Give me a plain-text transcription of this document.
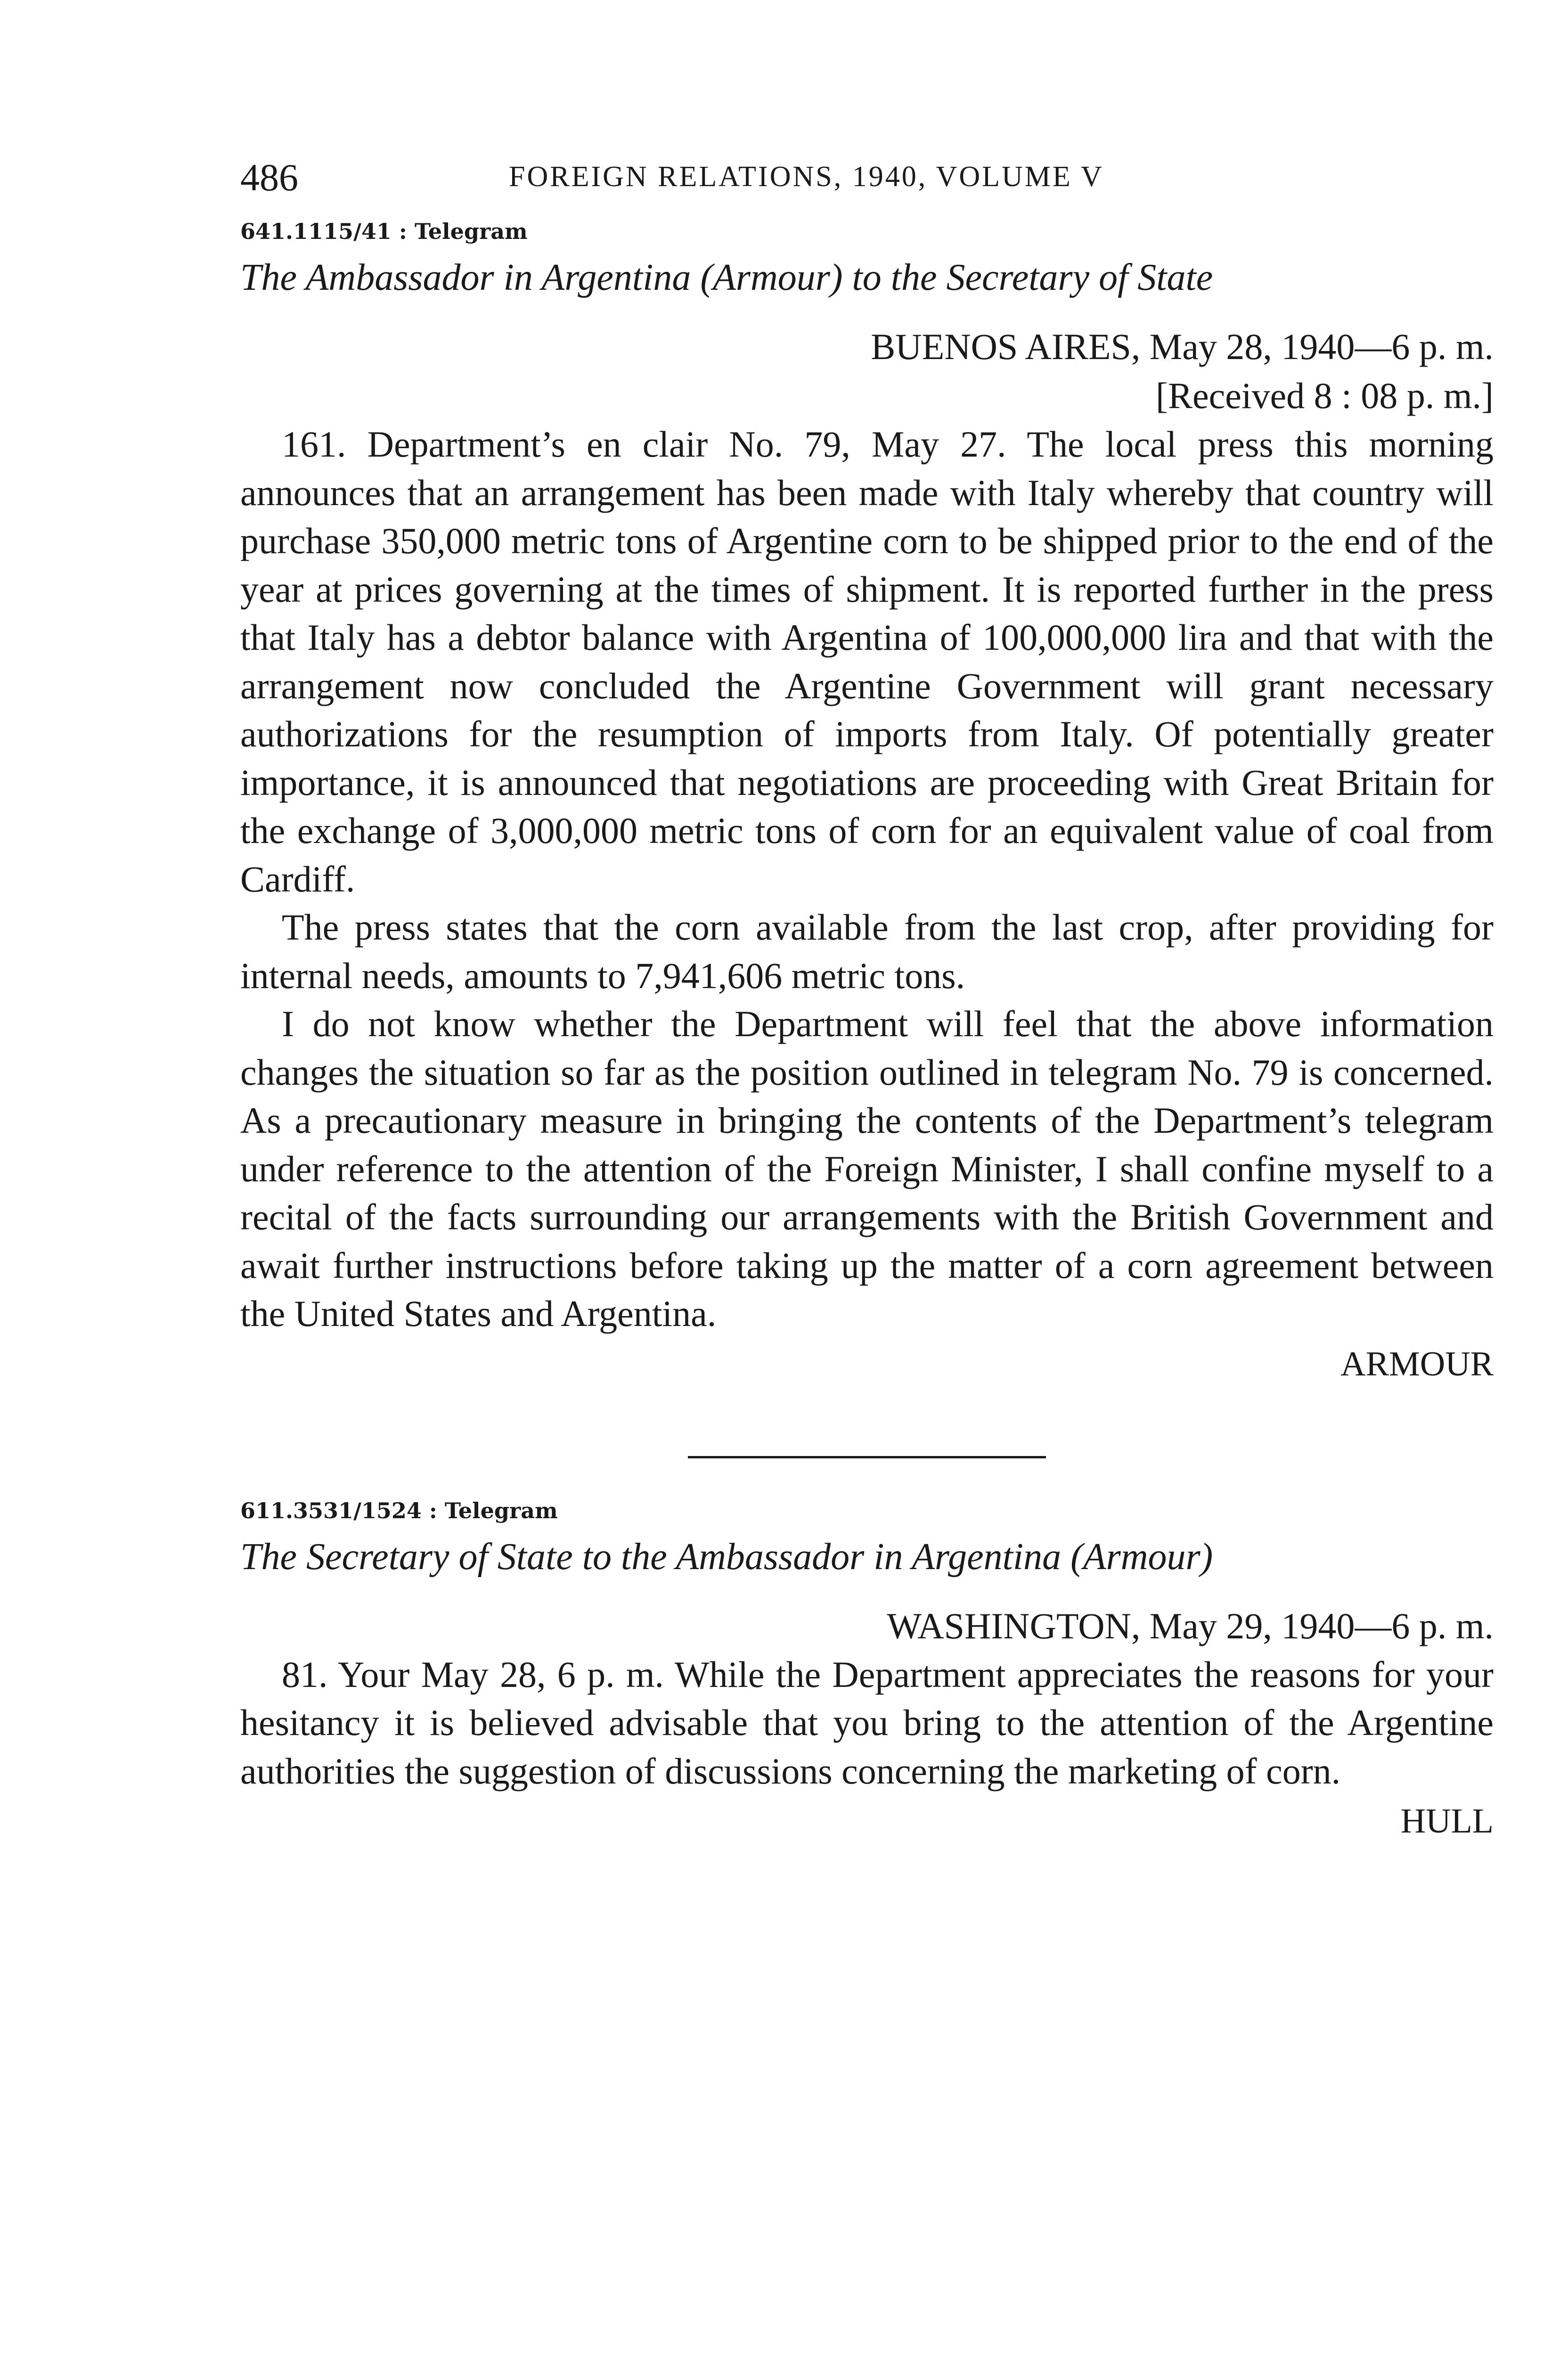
486	FOREIGN RELATIONS, 1940, VOLUME V
641.1115/41 : Telegram
The Ambassador in Argentina (Armour) to the Secretary of State
BUENOS AIRES, May 28, 1940—6 p. m.
[Received 8 : 08 p. m.]

161. Department’s en clair No. 79, May 27. The local press this morning announces that an arrangement has been made with Italy whereby that country will purchase 350,000 metric tons of Argentine corn to be shipped prior to the end of the year at prices governing at the times of shipment. It is reported further in the press that Italy has a debtor balance with Argentina of 100,000,000 lira and that with the arrangement now concluded the Argentine Government will grant necessary authorizations for the resumption of imports from Italy. Of potentially greater importance, it is announced that negotiations are proceeding with Great Britain for the exchange of 3,000,000 metric tons of corn for an equivalent value of coal from Cardiff.

The press states that the corn available from the last crop, after providing for internal needs, amounts to 7,941,606 metric tons.

I do not know whether the Department will feel that the above information changes the situation so far as the position outlined in telegram No. 79 is concerned. As a precautionary measure in bringing the contents of the Department’s telegram under reference to the attention of the Foreign Minister, I shall confine myself to a recital of the facts surrounding our arrangements with the British Government and await further instructions before taking up the matter of a corn agreement between the United States and Argentina.

ARMOUR
611.3531/1524 : Telegram
The Secretary of State to the Ambassador in Argentina (Armour)
WASHINGTON, May 29, 1940—6 p. m.

81. Your May 28, 6 p. m. While the Department appreciates the reasons for your hesitancy it is believed advisable that you bring to the attention of the Argentine authorities the suggestion of discussions concerning the marketing of corn.

HULL
